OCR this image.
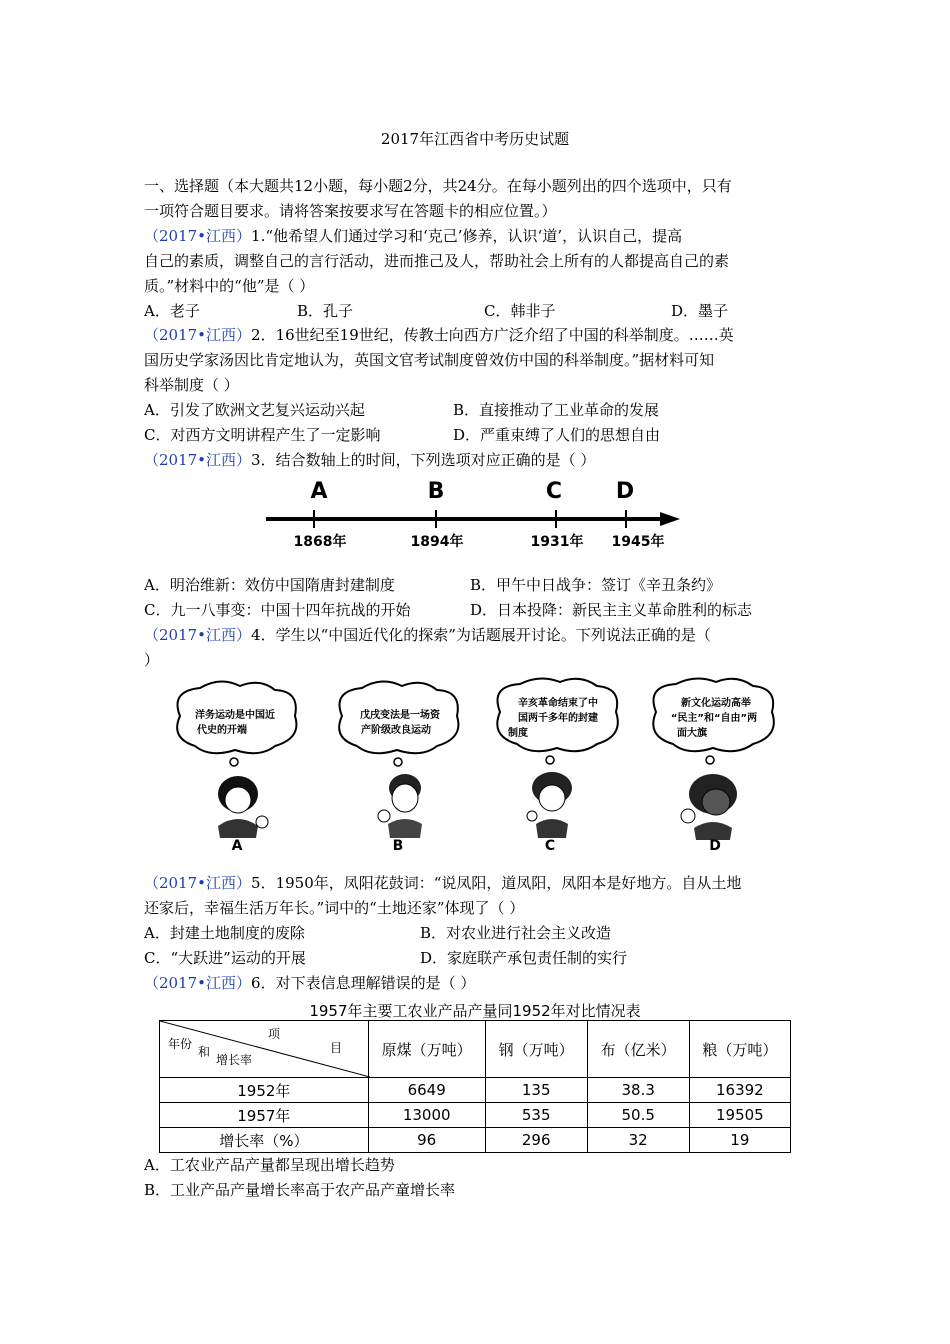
2017年江西省中考历史试题
一、选择题（本大题共12小题，每小题2分，共24分。在每小题列出的四个选项中，只有
一项符合题目要求。请将答案按要求写在答题卡的相应位置。）
（2017•江西）1.“他希望人们通过学习和‘克己’修养，认识‘道’，认识自己，提高
自己的素质，调整自己的言行活动，进而推己及人，帮助社会上所有的人都提高自己的素
质。”材料中的“他”是（ ）
A．老子	B．孔子	C．韩非子	D．墨子
（2017•江西）2．16世纪至19世纪，传教士向西方广泛介绍了中国的科举制度。……英
国历史学家汤因比肯定地认为，英国文官考试制度曾效仿中国的科举制度。”据材料可知
科举制度（ ）
A．引发了欧洲文艺复兴运动兴起	B．直接推动了工业革命的发展
C．对西方文明讲程产生了一定影响	D．严重束缚了人们的思想自由
（2017•江西）3．结合数轴上的时间，下列选项对应正确的是（ ）
A	B	C D
1868年	1894年	1931年 1945年
A．明治维新：效仿中国隋唐封建制度	B．甲午中日战争：签订《辛丑条约》
C．九一八事变：中国十四年抗战的开始	D．日本投降：新民主主义革命胜利的标志
（2017•江西）4．学生以“中国近代化的探索”为话题展开讨论。下列说法正确的是（
）
洋务运动是中国近
代史的开端
戊戌变法是一场资
产阶级改良运动
辛亥革命结束了中
国两千多年的封建
制度
新文化运动高举
“民主”和“自由”两
面大旗
A	B	C	D
（2017•江西）5．1950年，凤阳花鼓词：“说凤阳，道凤阳，凤阳本是好地方。自从土地
还家后，幸福生活万年长。”词中的“土地还家”体现了（ ）
A．封建土地制度的废除	B．对农业进行社会主义改造
C．“大跃进”运动的开展	D．家庭联产承包责任制的实行
（2017•江西）6．对下表信息理解错误的是（ ）
1957年主要工农业产品产量同1952年对比情况表
项
目
年份
和
增长率	原煤（万吨）	钢（万吨）	布（亿米）	粮（万吨）
1952年	6649	135	38.3	16392
1957年	13000	535	50.5	19505
增长率（%）	96	296	32	19
A．工农业产品产量都呈现出增长趋势
B．工业产品产量增长率高于农产品产童增长率
